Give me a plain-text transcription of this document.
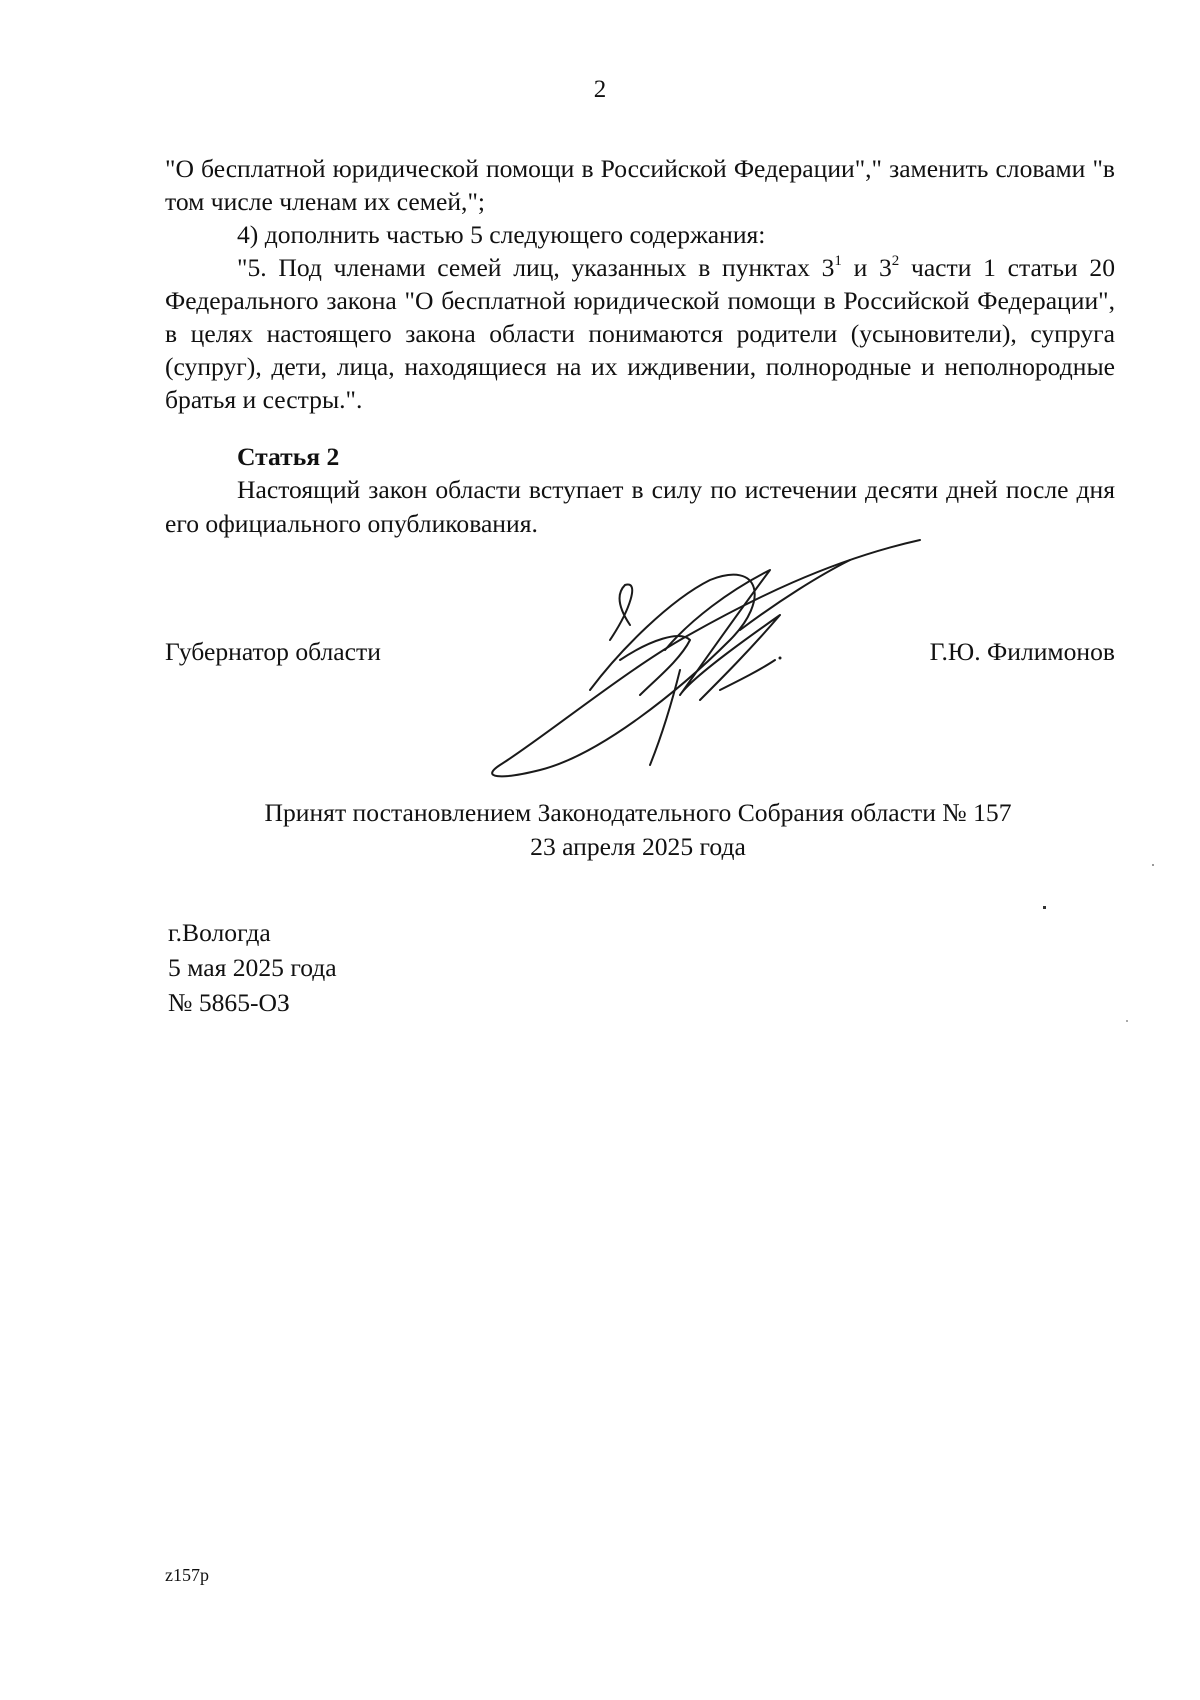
2

"О бесплатной юридической помощи в Российской Федерации"," заменить словами "в том числе членам их семей,";

4) дополнить частью 5 следующего содержания:

"5. Под членами семей лиц, указанных в пунктах $3^1$ и $3^2$ части 1 статьи 20 Федерального закона "О бесплатной юридической помощи в Российской Федерации", в целях настоящего закона области понимаются родители (усыновители), супруга (супруг), дети, лица, находящиеся на их иждивении, полнородные и неполнородные братья и сестры.".

Статья 2

Настоящий закон области вступает в силу по истечении десяти дней после дня его официального опубликования.

Губернатор области	Г.Ю. Филимонов
Принят постановлением Законодательного Собрания области № 157
23 апреля 2025 года
г.Вологда
5 мая 2025 года
№ 5865-ОЗ
z157p
